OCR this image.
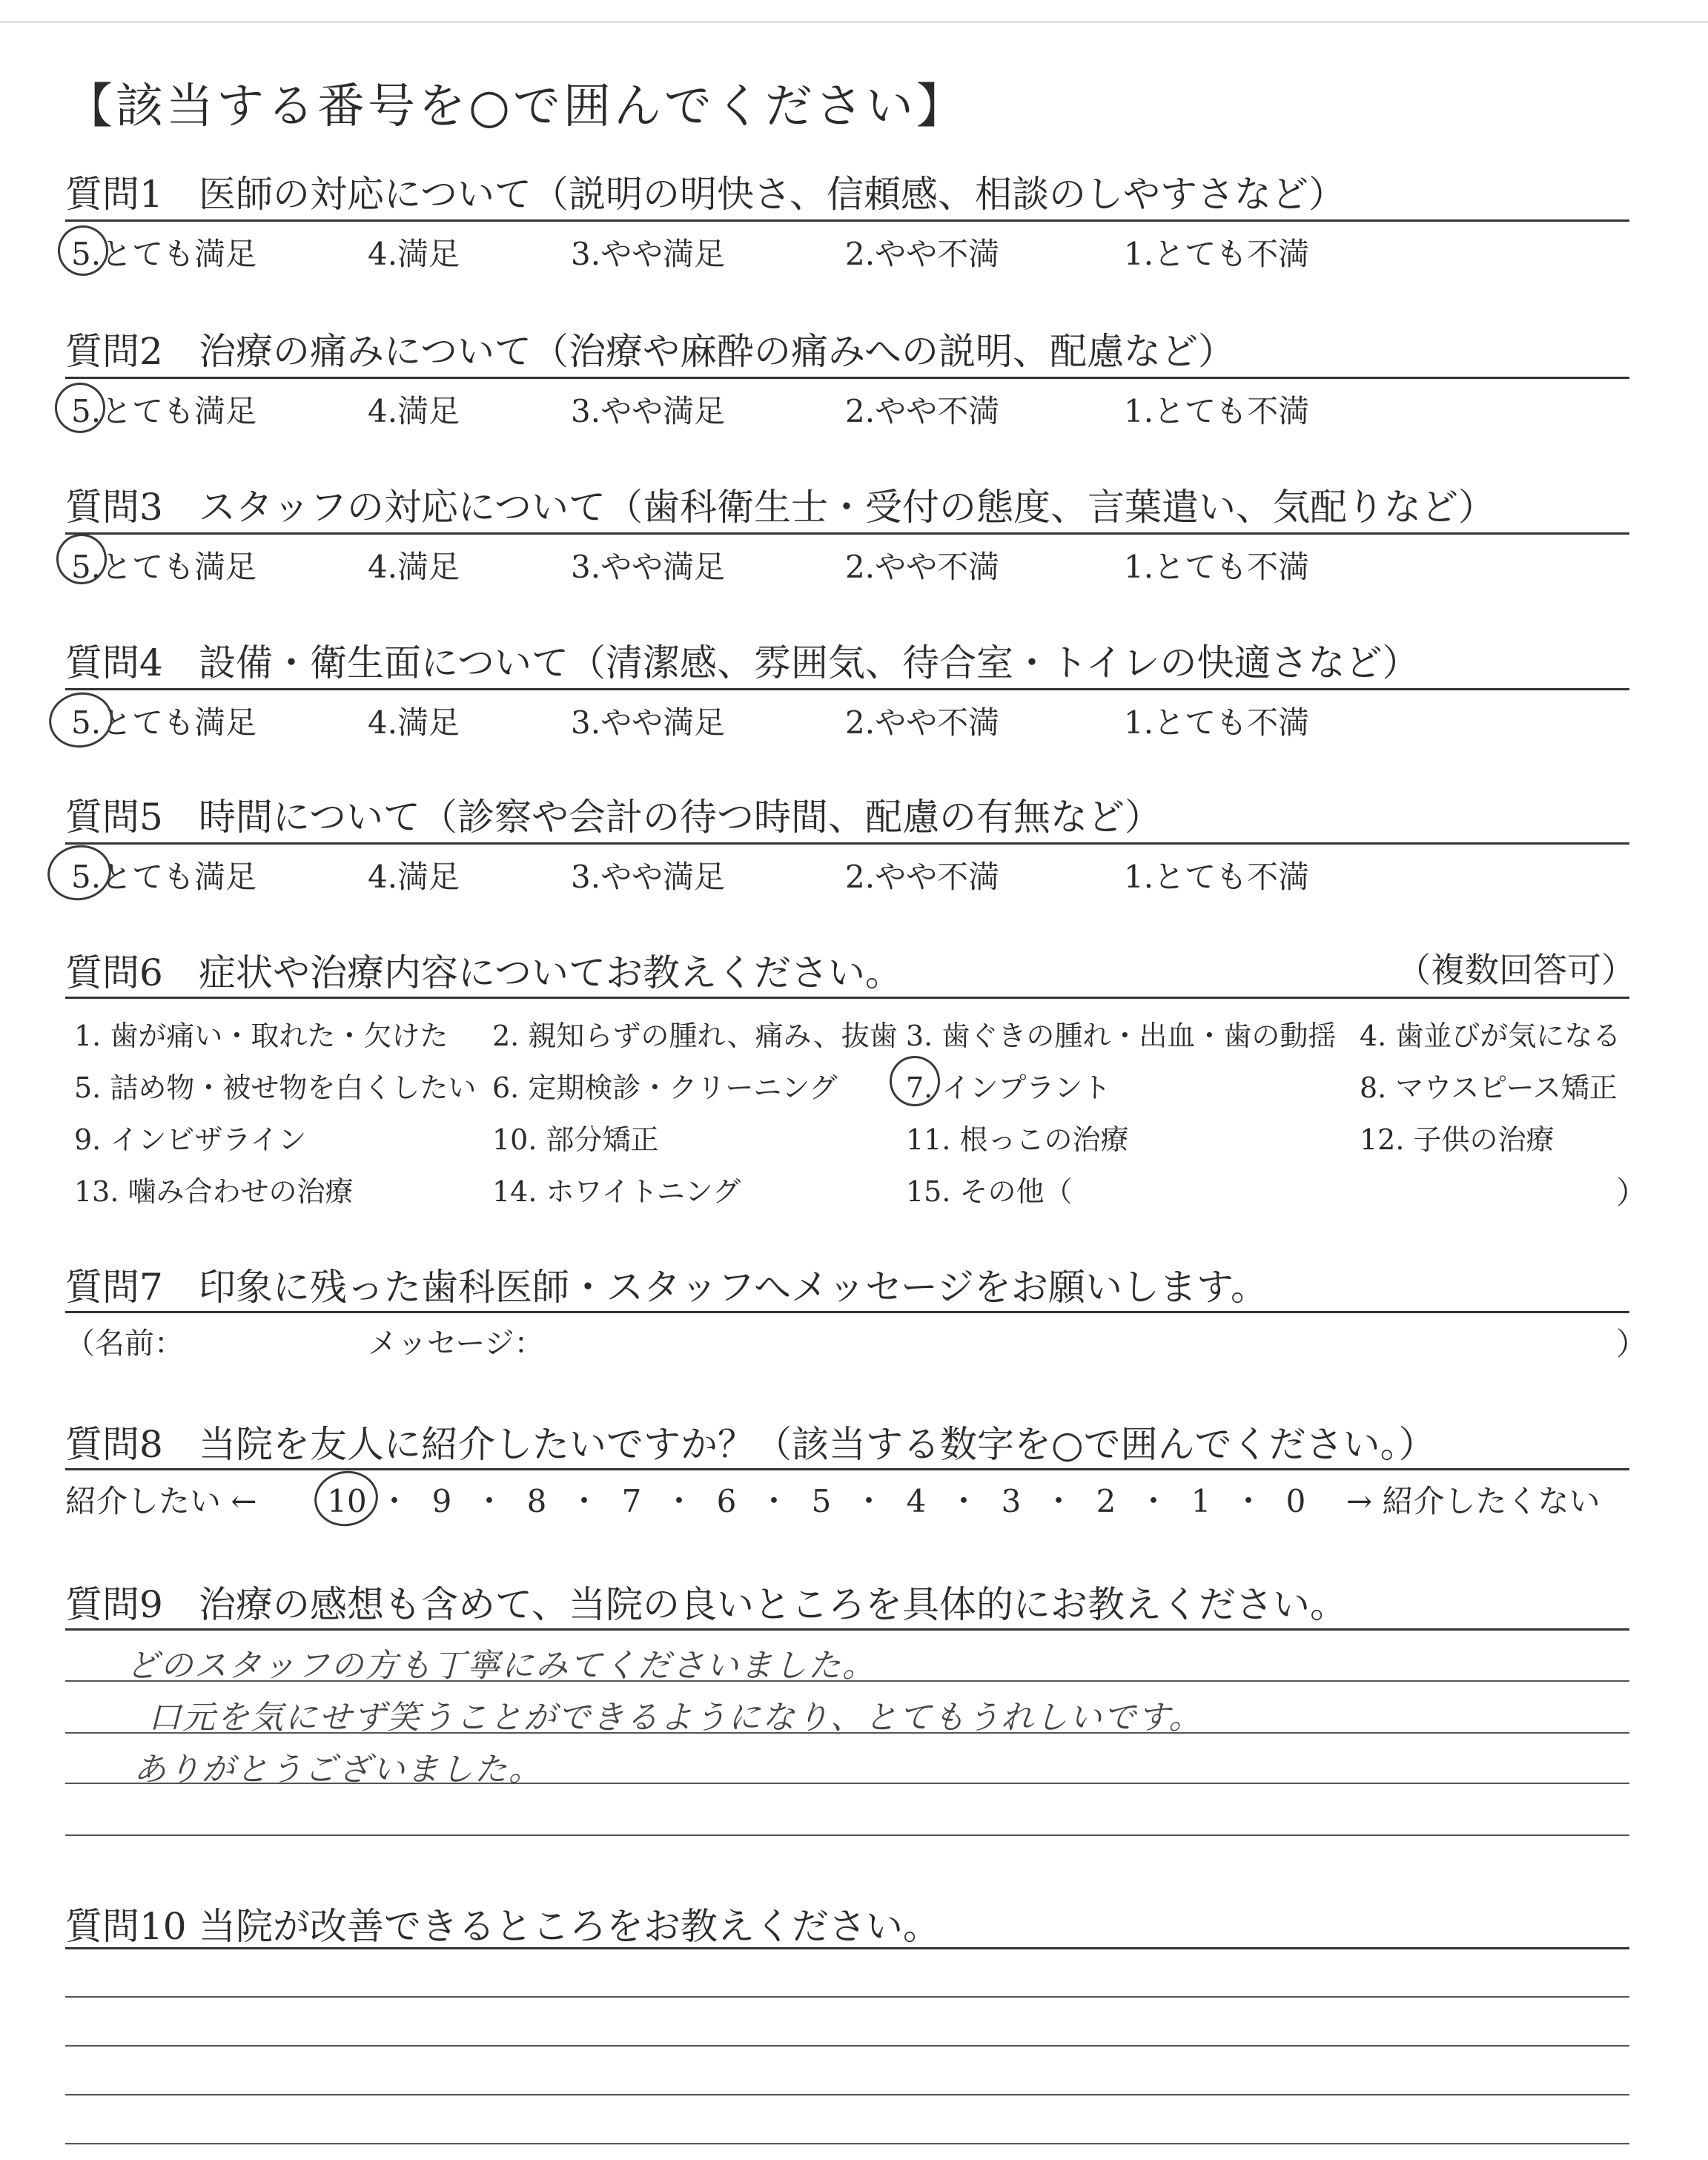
【該当する番号を○で囲んでください】
質問1 医師の対応について（説明の明快さ、信頼感、相談のしやすさなど）
5.とても満足	4.満足	3.やや満足	2.やや不満	1.とても不満
質問2 治療の痛みについて（治療や麻酔の痛みへの説明、配慮など）
5.とても満足	4.満足	3.やや満足	2.やや不満	1.とても不満
質問3 スタッフの対応について（歯科衛生士・受付の態度、言葉遣い、気配りなど）
5.とても満足	4.満足	3.やや満足	2.やや不満	1.とても不満
質問4 設備・衛生面について（清潔感、雰囲気、待合室・トイレの快適さなど）
5.とても満足	4.満足	3.やや満足	2.やや不満	1.とても不満
質問5 時間について（診察や会計の待つ時間、配慮の有無など）
5.とても満足	4.満足	3.やや満足	2.やや不満	1.とても不満
質問6 症状や治療内容についてお教えください。	（複数回答可）
1. 歯が痛い・取れた・欠けた 2. 親知らずの腫れ、痛み、抜歯 3. 歯ぐきの腫れ・出血・歯の動揺 4. 歯並びが気になる
5. 詰め物・被せ物を白くしたい 6. 定期検診・クリーニング 7. インプラント	8. マウスピース矯正
9. インビザライン	10. 部分矯正	11. 根っこの治療	12. 子供の治療
13. 噛み合わせの治療	14. ホワイトニング	15. その他（	）
質問7 印象に残った歯科医師・スタッフへメッセージをお願いします。
（名前：	メッセージ：	）
質問8 当院を友人に紹介したいですか？（該当する数字を○で囲んでください。）
紹介したい ← 10 ・ 9 ・ 8 ・ 7 ・ 6 ・ 5 ・ 4 ・ 3 ・ 2 ・ 1 ・ 0	→ 紹介したくない
質問9 治療の感想も含めて、当院の良いところを具体的にお教えください。
どのスタッフの方も丁寧にみてくださいました。
口元を気にせず笑うことができるようになり、とてもうれしいです。
ありがとうございました。
質問10 当院が改善できるところをお教えください。
